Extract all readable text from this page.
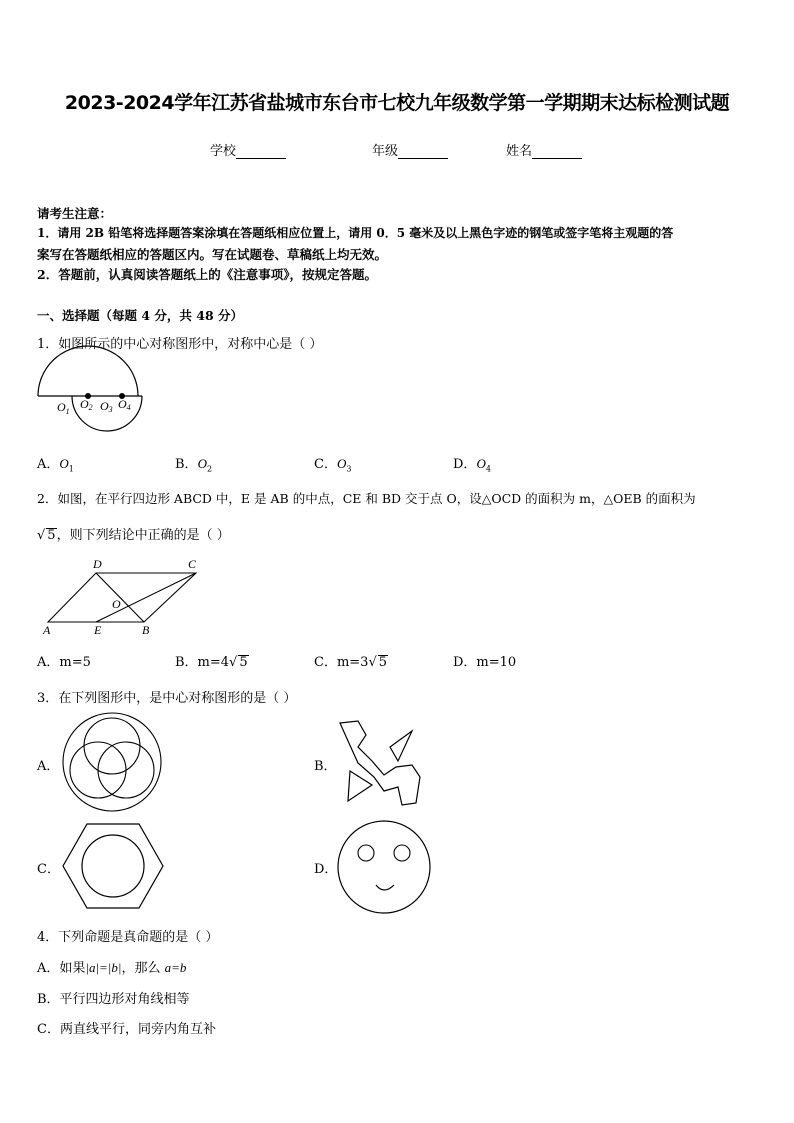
2023-2024学年江苏省盐城市东台市七校九年级数学第一学期期末达标检测试题
学校	年级	姓名
请考生注意：
1．请用 2B 铅笔将选择题答案涂填在答题纸相应位置上，请用 0．5 毫米及以上黑色字迹的钢笔或签字笔将主观题的答
案写在答题纸相应的答题区内。写在试题卷、草稿纸上均无效。
2．答题前，认真阅读答题纸上的《注意事项》，按规定答题。
一、选择题（每题 4 分，共 48 分）
1．如图所示的中心对称图形中，对称中心是（ ）
$O_1$
O2 O3 O4
A．$O_1$	B．$O_2$	C．$O_3$	D．$O_4$
2．如图，在平行四边形 ABCD 中，E 是 AB 的中点，CE 和 BD 交于点 O，设△OCD 的面积为 m，△OEB 的面积为
√ 5，则下列结论中正确的是（ ）
D	C
O
A	E	B
A．m=5	B．m=4√ 5	C．m=3√ 5	D．m=10
3．在下列图形中，是中心对称图形的是（ ）
A．	B．
C．	D．
4．下列命题是真命题的是（ ）
A．如果|a|=|b|，那么 a=b
B．平行四边形对角线相等
C．两直线平行，同旁内角互补
